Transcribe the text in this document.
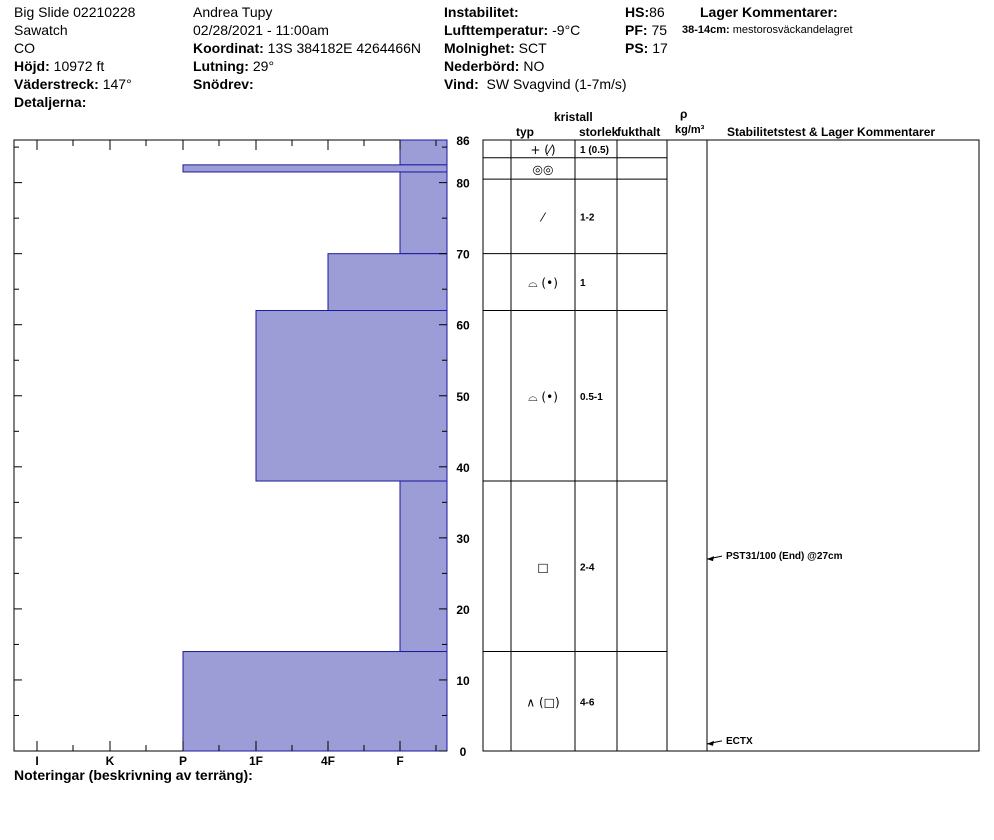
Big Slide 02210228
Sawatch
CO
Höjd: 10972 ft
Väderstreck: 147°
Detaljerna:
Andrea Tupy
02/28/2021 - 11:00am
Koordinat: 13S 384182E 4264466N
Lutning: 29°
Snödrev:
Instabilitet:
Lufttemperatur: -9°C
Molnighet: SCT
Nederbörd: NO
Vind: SW Svagvind (1-7m/s)
HS:86
PF: 75
PS: 17
Lager Kommentarer:
38-14cm: mestorosväckandelagret
kristall
typ	storlek
fukthalt
ρ
kg/m³ Stabilitetstest & Lager Kommentarer
Noteringar (beskrivning av terräng):
0
10
20
30
40
50
60
70
80
86
I	K	P	1F	4F	F
+ (⁄) 1 (0.5)
◎◎
⁄	1-2
⌓ (•) 1
⌓ (•) 0.5-1
□	2-4
∧ (□) 4-6
PST31/100 (End) @27cm
ECTX
